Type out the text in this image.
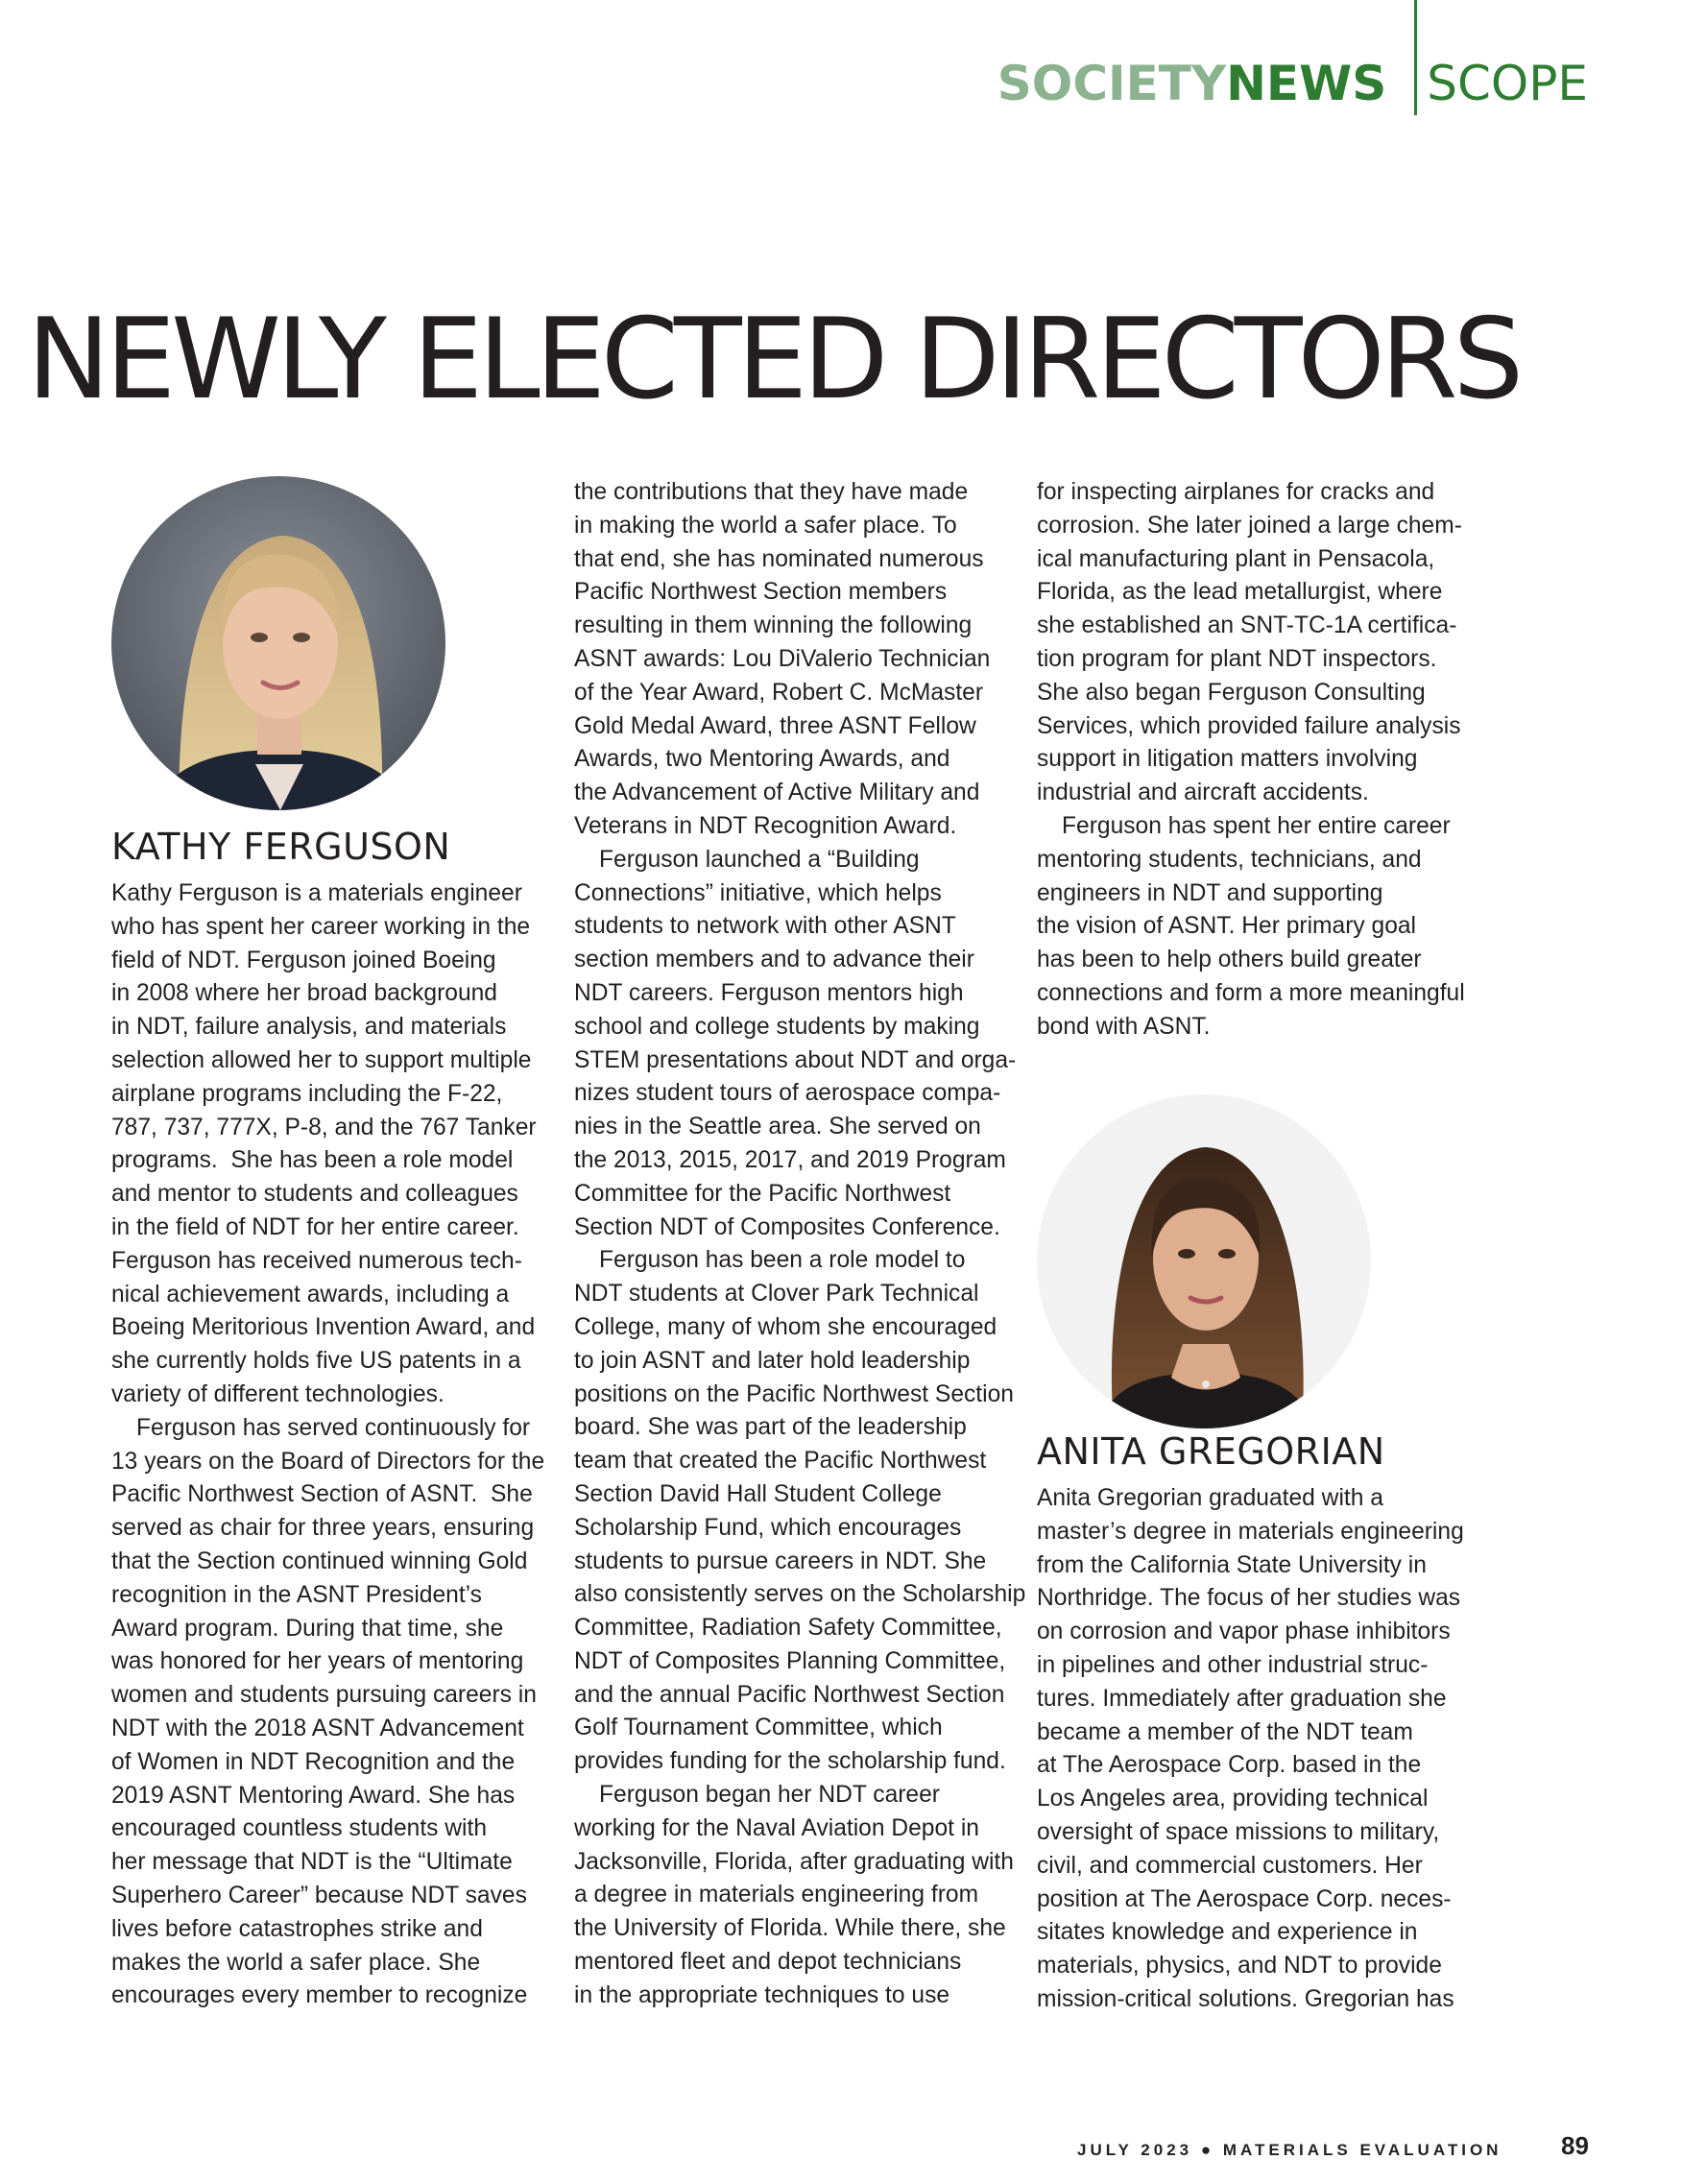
SOCIETY NEWS SCOPE
NEWLY ELECTED DIRECTORS
KATHY FERGUSON
ANITA GREGORIAN

Kathy Ferguson is a materials engineer

who has spent her career working in the

field of NDT. Ferguson joined Boeing

in 2008 where her broad background

in NDT, failure analysis, and materials

selection allowed her to support multiple

airplane programs including the F-22,

787, 737, 777X, P-8, and the 767 Tanker

programs.  She has been a role model

and mentor to students and colleagues

in the field of NDT for her entire career.

Ferguson has received numerous tech-

nical achievement awards, including a

Boeing Meritorious Invention Award, and

she currently holds five US patents in a

variety of different technologies.

Ferguson has served continuously for

13 years on the Board of Directors for the

Pacific Northwest Section of ASNT.  She

served as chair for three years, ensuring

that the Section continued winning Gold

recognition in the ASNT President’s

Award program. During that time, she

was honored for her years of mentoring

women and students pursuing careers in

NDT with the 2018 ASNT Advancement

of Women in NDT Recognition and the

2019 ASNT Mentoring Award. She has

encouraged countless students with

her message that NDT is the “Ultimate

Superhero Career” because NDT saves

lives before catastrophes strike and

makes the world a safer place. She

encourages every member to recognize

the contributions that they have made

in making the world a safer place. To

that end, she has nominated numerous

Pacific Northwest Section members

resulting in them winning the following

ASNT awards: Lou DiValerio Technician

of the Year Award, Robert C. McMaster

Gold Medal Award, three ASNT Fellow

Awards, two Mentoring Awards, and

the Advancement of Active Military and

Veterans in NDT Recognition Award.

Ferguson launched a “Building

Connections” initiative, which helps

students to network with other ASNT

section members and to advance their

NDT careers. Ferguson mentors high

school and college students by making

STEM presentations about NDT and orga-

nizes student tours of aerospace compa-

nies in the Seattle area. She served on

the 2013, 2015, 2017, and 2019 Program

Committee for the Pacific Northwest

Section NDT of Composites Conference.

Ferguson has been a role model to

NDT students at Clover Park Technical

College, many of whom she encouraged

to join ASNT and later hold leadership

positions on the Pacific Northwest Section

board. She was part of the leadership

team that created the Pacific Northwest

Section David Hall Student College

Scholarship Fund, which encourages

students to pursue careers in NDT. She

also consistently serves on the Scholarship

Committee, Radiation Safety Committee,

NDT of Composites Planning Committee,

and the annual Pacific Northwest Section

Golf Tournament Committee, which

provides funding for the scholarship fund.

Ferguson began her NDT career

working for the Naval Aviation Depot in

Jacksonville, Florida, after graduating with

a degree in materials engineering from

the University of Florida. While there, she

mentored fleet and depot technicians

in the appropriate techniques to use

for inspecting airplanes for cracks and

corrosion. She later joined a large chem-

ical manufacturing plant in Pensacola,

Florida, as the lead metallurgist, where

she established an SNT-TC-1A certifica-

tion program for plant NDT inspectors.

She also began Ferguson Consulting

Services, which provided failure analysis

support in litigation matters involving

industrial and aircraft accidents.

Ferguson has spent her entire career

mentoring students, technicians, and

engineers in NDT and supporting

the vision of ASNT. Her primary goal

has been to help others build greater

connections and form a more meaningful

bond with ASNT.

Anita Gregorian graduated with a

master’s degree in materials engineering

from the California State University in

Northridge. The focus of her studies was

on corrosion and vapor phase inhibitors

in pipelines and other industrial struc-

tures. Immediately after graduation she

became a member of the NDT team

at The Aerospace Corp. based in the

Los Angeles area, providing technical

oversight of space missions to military,

civil, and commercial customers. Her

position at The Aerospace Corp. neces-

sitates knowledge and experience in

materials, physics, and NDT to provide

mission-critical solutions. Gregorian has

JULY 2023 ● MATERIALS EVALUATION 89
